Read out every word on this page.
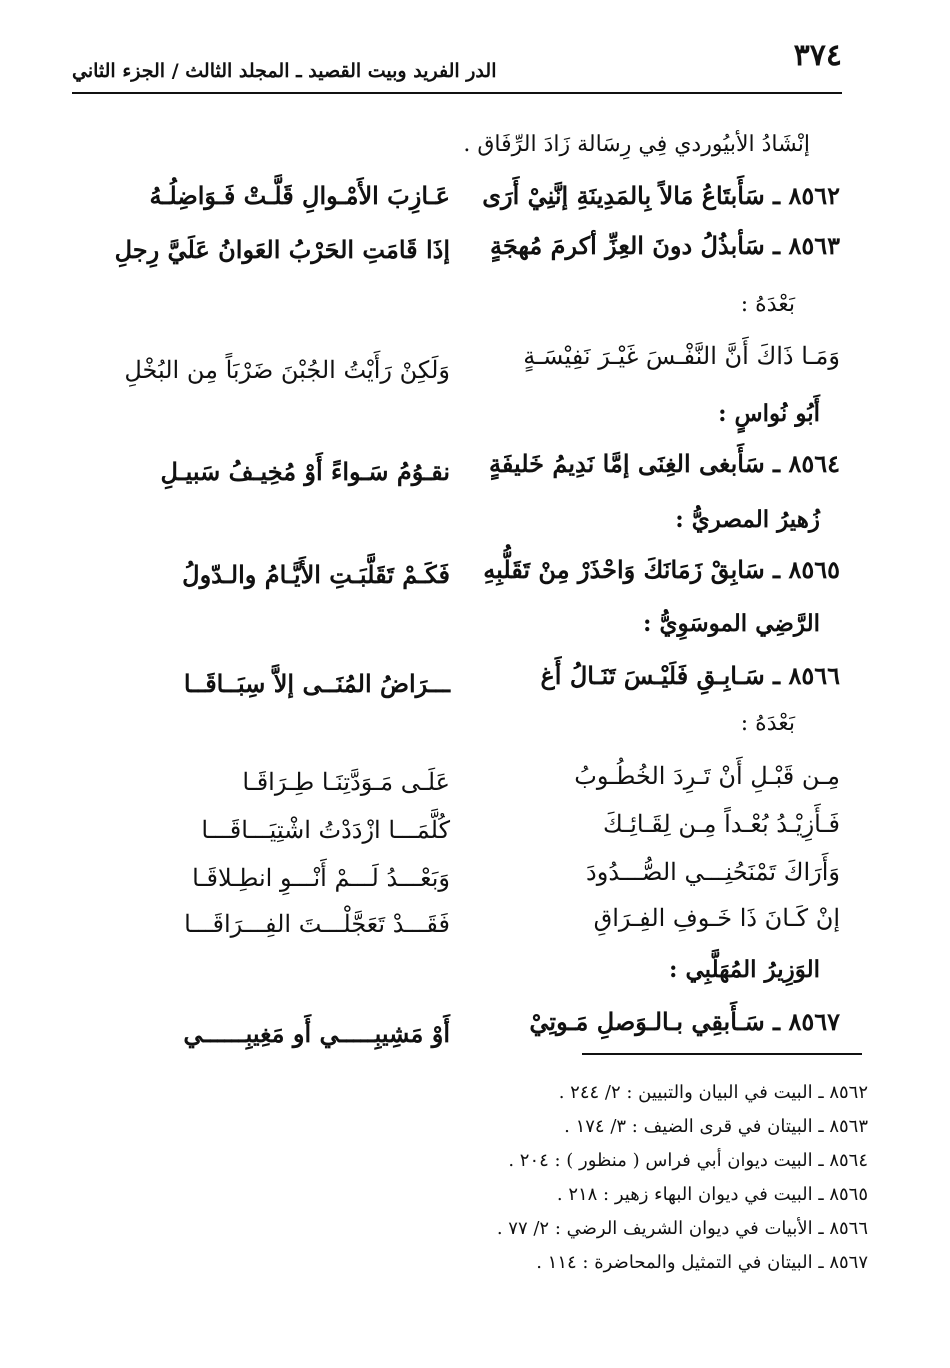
٣٧٤
الدر الفريد وبيت القصيد ـ المجلد الثالث / الجزء الثاني
إنْشَادُ الأبيُوردي فِي رِسَالة زَادَ الرِّفَاق .
٨٥٦٢ ـ سَأَبتَاعُ مَالاً بِالمَدِينَةِ إنَّنِيْ أَرَى
عَـازِبَ الأَمْـوالِ قَلَّـتْ فَـوَاضِلُـهُ
٨٥٦٣ ـ سَأبذُلُ دونَ العِزِّ أكرمَ مُهجَةٍ
إذَا قَامَتِ الحَرْبُ العَوانُ عَلَيَّ رِجلِ
بَعْدَهُ :
وَمَـا ذَاكَ أَنَّ النَّفْـسَ غَيْـرَ نَفِيْسَـةٍ
وَلَكِنْ رَأَيْتُ الجُبْنَ ضَرْبَاً مِن البُخْلِ
أَبُو نُواسٍ :
٨٥٦٤ ـ سَأَبغى الغِنَى إمَّا نَدِيمُ خَليفَةٍ
نقـوُمُ سَـواءً أَوْ مُخِيـفُ سَبيـلِ
زُهيرُ المصريُّ :
٨٥٦٥ ـ سَابِقْ زَمَانَكَ وَاحْذَرْ مِنْ تَقَلُّبِهِ
فَكَـمْ تَقَلَّبَـتِ الأَيَّـامُ والـدّولُ
الرَّضِي الموسَوِيُّ :
٨٥٦٦ ـ سَـابِـقِ فَلَيْـسَ تَنَـالُ أَغ
ـــرَاضُ المُنَــى إلاَّ سِبَــاقَــا
بَعْدَهُ :
مِـن قَبْـلِ أَنْ تَـرِدَ الخُطُـوبُ
عَلَـى مَـوَدَّتِنَـا طِـرَاقَـا
فَـأَزِيْـدُ بُعْـداً مِـن لِقَـائِـكَ
كُلَّمَـــا ازْدَدْتُ اشْتِيَـــاقَـــا
وَأَرَاكَ تَمْنَحُنِـــي الصُّـــدُودَ
وَبَعْـــدُ لَـــمْ أَنْـــوِ انطِـلاقَـا
إنْ كَـانَ ذَا خَـوفِ الفِـرَاقِ
فَقَـــدْ تَعَجَّلْـــتَ الفِـــرَاقَـــا
الوَزِيرُ المُهَلَّبِي :
٨٥٦٧ ـ سَـأَبقِي بـالـوَصلِ مَـوتِيْ
أَوْ مَشِيبِـــــي أَو مَغِيبِــــــي
٨٥٦٢ ـ البيت في البيان والتبيين : ٢/ ٢٤٤ .
٨٥٦٣ ـ البيتان في قرى الضيف : ٣/ ١٧٤ .
٨٥٦٤ ـ البيت ديوان أبي فراس ( منظور ) : ٢٠٤ .
٨٥٦٥ ـ البيت في ديوان البهاء زهير : ٢١٨ .
٨٥٦٦ ـ الأبيات في ديوان الشريف الرضي : ٢/ ٧٧ .
٨٥٦٧ ـ البيتان في التمثيل والمحاضرة : ١١٤ .
